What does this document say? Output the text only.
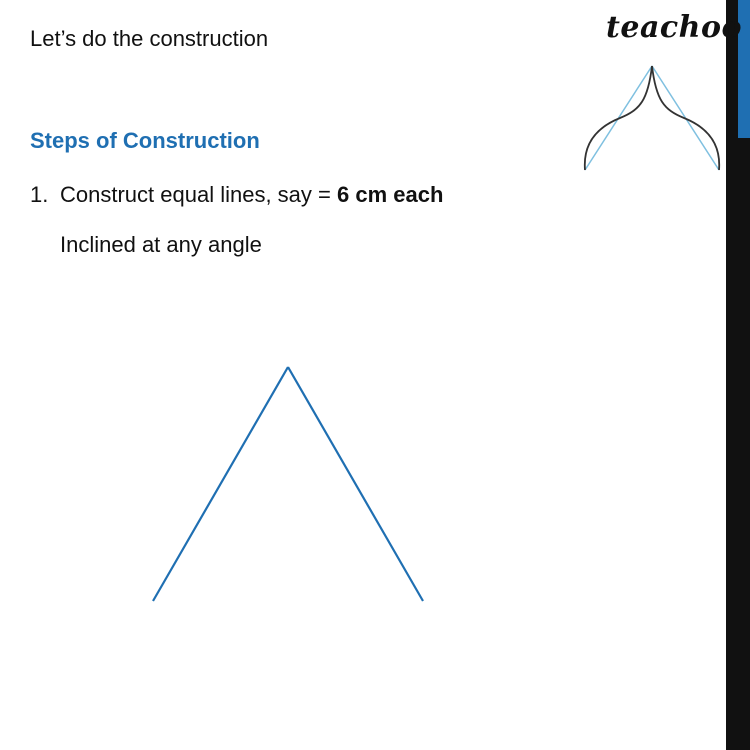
Let’s do the construction	teachoo
Steps of Construction
1. Construct equal lines, say = 6 cm each
Inclined at any angle
